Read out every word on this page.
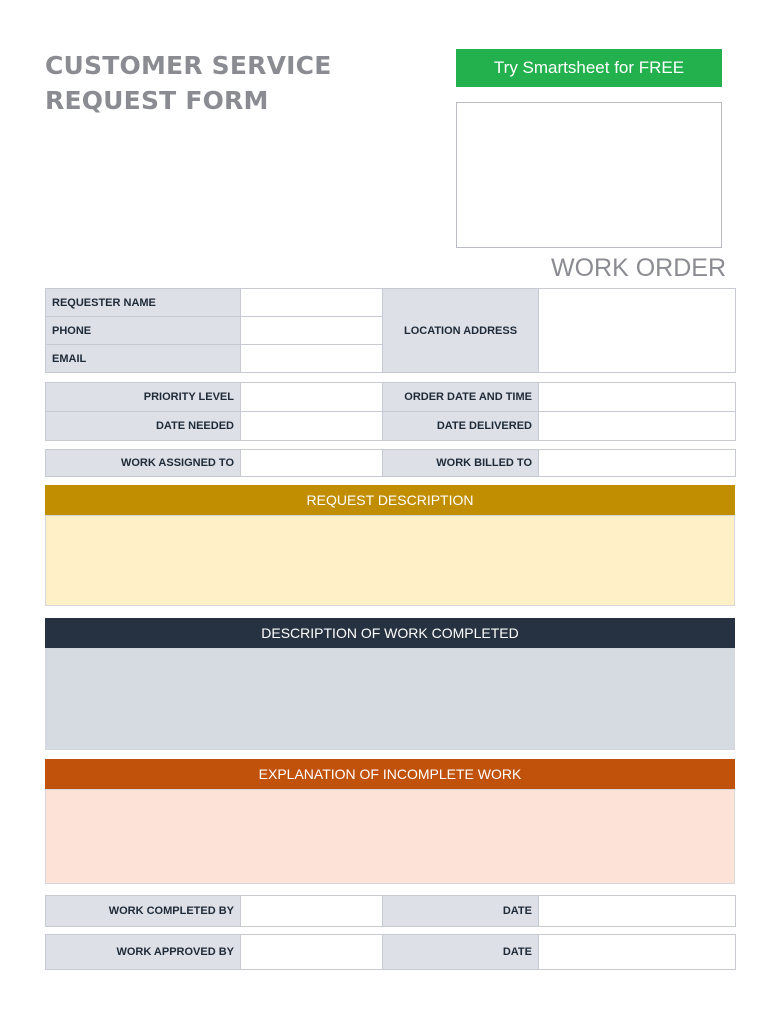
CUSTOMER SERVICE
REQUEST FORM
Try Smartsheet for FREE
WORK ORDER
REQUESTER NAME		LOCATION ADDRESS	
PHONE			
EMAIL			
PRIORITY LEVEL		ORDER DATE AND TIME	
DATE NEEDED		DATE DELIVERED	
WORK ASSIGNED TO		WORK BILLED TO	
REQUEST DESCRIPTION
DESCRIPTION OF WORK COMPLETED
EXPLANATION OF INCOMPLETE WORK
WORK COMPLETED BY		DATE	
WORK APPROVED BY		DATE	
